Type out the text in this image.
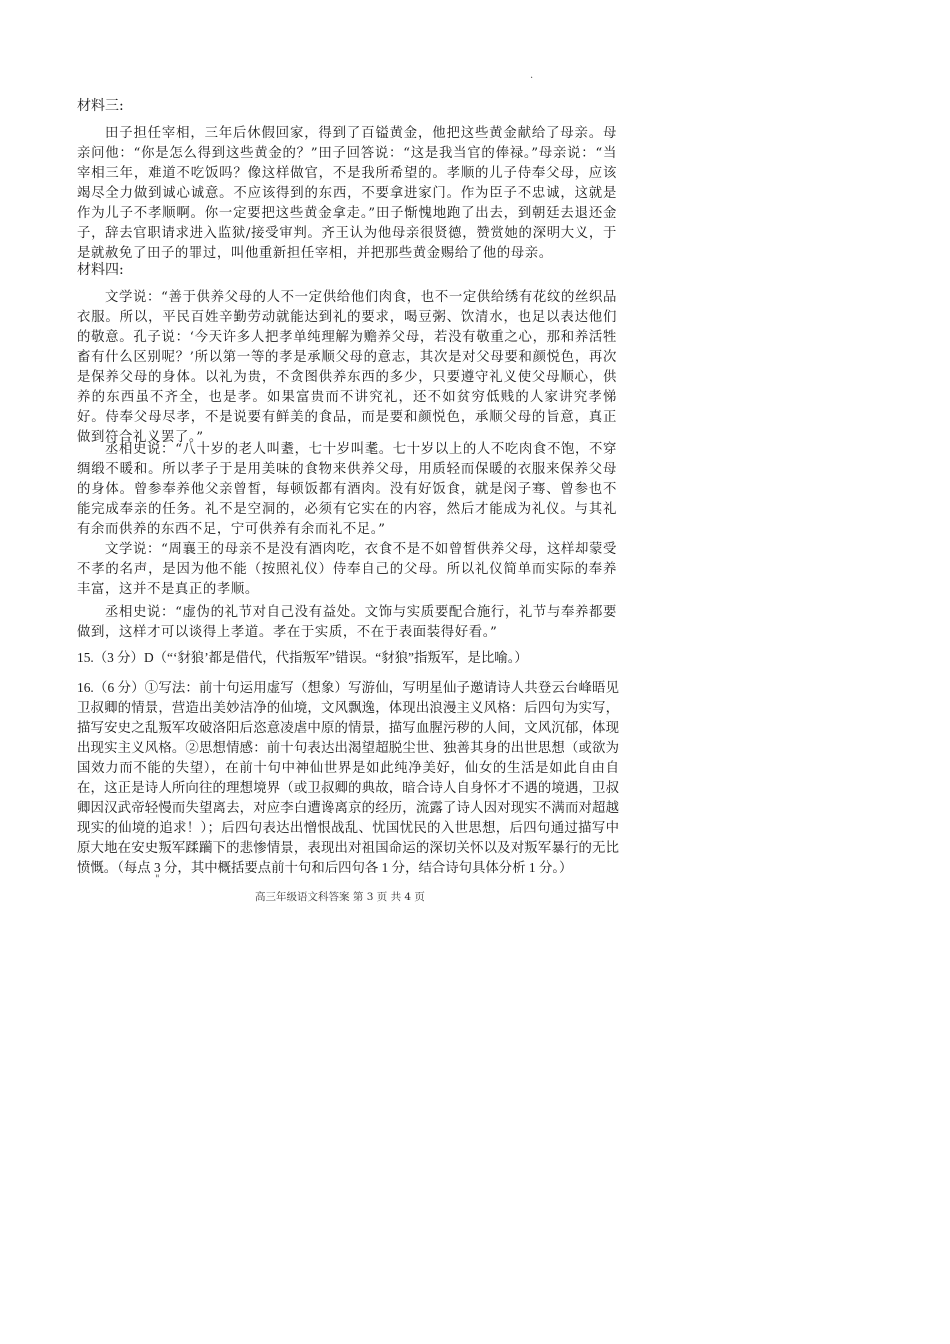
.
材料三:
田子担任宰相，三年后休假回家，得到了百镒黄金，他把这些黄金献给了母亲。母亲问他：“你是怎么得到这些黄金的？”田子回答说：“这是我当官的俸禄。”母亲说：“当宰相三年，难道不吃饭吗？像这样做官，不是我所希望的。孝顺的儿子侍奉父母，应该竭尽全力做到诚心诚意。不应该得到的东西，不要拿进家门。作为臣子不忠诚，这就是作为儿子不孝顺啊。你一定要把这些黄金拿走。”田子惭愧地跑了出去，到朝廷去退还金子，辞去官职请求进入监狱/接受审判。齐王认为他母亲很贤德，赞赏她的深明大义，于是就赦免了田子的罪过，叫他重新担任宰相，并把那些黄金赐给了他的母亲。
材料四:
文学说：“善于供养父母的人不一定供给他们肉食，也不一定供给绣有花纹的丝织品衣服。所以，平民百姓辛勤劳动就能达到礼的要求，喝豆粥、饮清水，也足以表达他们的敬意。孔子说：‘今天许多人把孝单纯理解为赡养父母，若没有敬重之心，那和养活牲畜有什么区别呢？’所以第一等的孝是承顺父母的意志，其次是对父母要和颜悦色，再次是保养父母的身体。以礼为贵，不贪图供养东西的多少，只要遵守礼义使父母顺心，供养的东西虽不齐全，也是孝。如果富贵而不讲究礼，还不如贫穷低贱的人家讲究孝悌好。侍奉父母尽孝，不是说要有鲜美的食品，而是要和颜悦色，承顺父母的旨意，真正做到符合礼义罢了。”
丞相史说：“八十岁的老人叫耋，七十岁叫耄。七十岁以上的人不吃肉食不饱，不穿绸缎不暖和。所以孝子于是用美味的食物来供养父母，用质轻而保暖的衣服来保养父母的身体。曾参奉养他父亲曾皙，每顿饭都有酒肉。没有好饭食，就是闵子骞、曾参也不能完成奉亲的任务。礼不是空洞的，必须有它实在的内容，然后才能成为礼仪。与其礼有余而供养的东西不足，宁可供养有余而礼不足。”
文学说：“周襄王的母亲不是没有酒肉吃，衣食不是不如曾皙供养父母，这样却蒙受不孝的名声，是因为他不能（按照礼仪）侍奉自己的父母。所以礼仪简单而实际的奉养丰富，这并不是真正的孝顺。
丞相史说：“虚伪的礼节对自己没有益处。文饰与实质要配合施行，礼节与奉养都要做到，这样才可以谈得上孝道。孝在于实质，不在于表面装得好看。”
15.（3 分）D（“‘豺狼’都是借代，代指叛军”错误。“豺狼”指叛军，是比喻。）
16.（6 分）①写法：前十句运用虚写（想象）写游仙，写明星仙子邀请诗人共登云台峰晤见卫叔卿的情景，营造出美妙洁净的仙境，文风飘逸，体现出浪漫主义风格：后四句为实写，描写安史之乱叛军攻破洛阳后恣意凌虐中原的情景，描写血腥污秽的人间，文风沉郁，体现出现实主义风格。②思想情感：前十句表达出渴望超脱尘世、独善其身的出世思想（或欲为国效力而不能的失望），在前十句中神仙世界是如此纯净美好，仙女的生活是如此自由自在，这正是诗人所向往的理想境界（或卫叔卿的典故，暗合诗人自身怀才不遇的境遇，卫叔卿因汉武帝轻慢而失望离去，对应李白遭谗离京的经历，流露了诗人因对现实不满而对超越现实的仙境的追求！）；后四句表达出憎恨战乱、忧国忧民的入世思想，后四句通过描写中原大地在安史叛军蹂躏下的悲惨情景，表现出对祖国命运的深切关怀以及对叛军暴行的无比愤慨。（每点 3 分，其中概括要点前十句和后四句各 1 分，结合诗句具体分析 1 分。）
"
高三年级语文科答案 第 3 页 共 4 页
